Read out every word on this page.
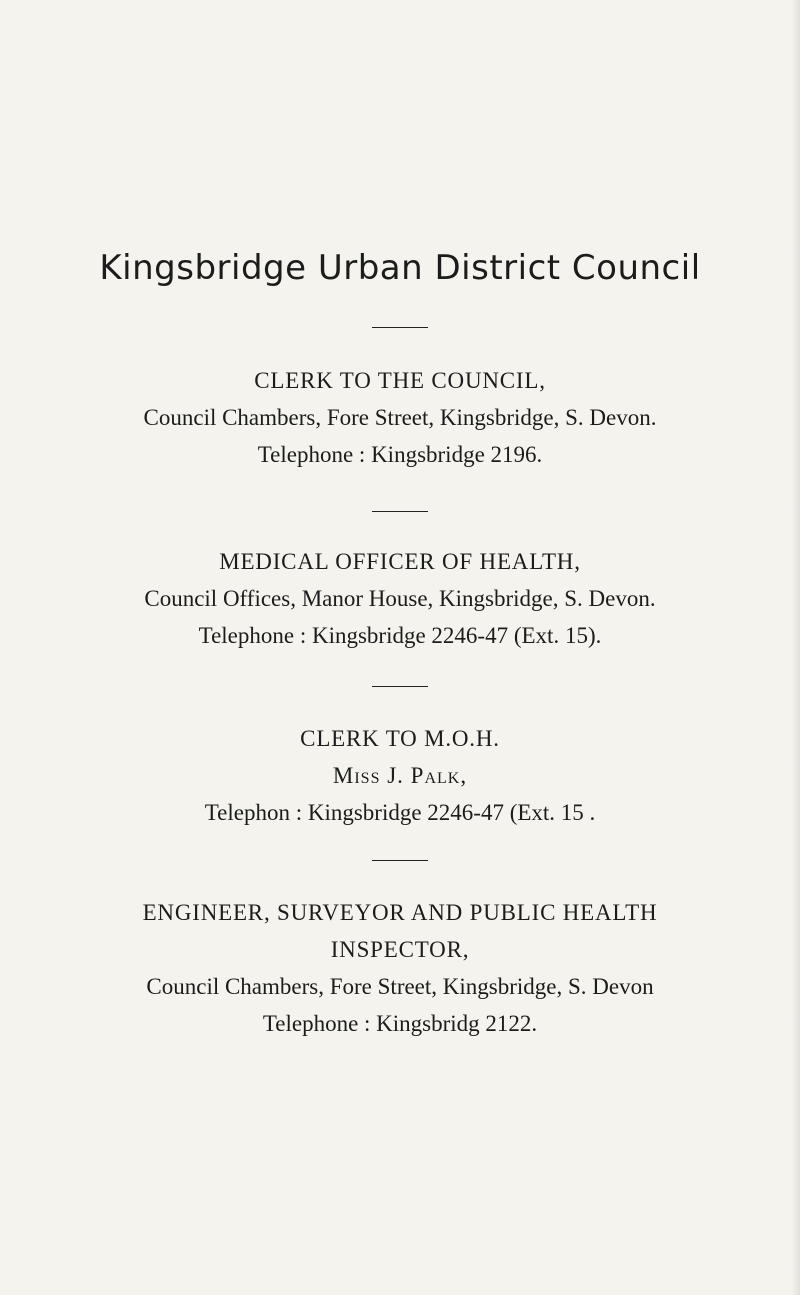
Kingsbridge Urban District Council
CLERK TO THE COUNCIL,
Council Chambers, Fore Street, Kingsbridge, S. Devon.
Telephone : Kingsbridge 2196.
MEDICAL OFFICER OF HEALTH,
Council Offices, Manor House, Kingsbridge, S. Devon.
Telephone : Kingsbridge 2246-47 (Ext. 15).
CLERK TO M.O.H.
Miss J. Palk,
Telephon : Kingsbridge 2246-47 (Ext. 15 .
ENGINEER, SURVEYOR AND PUBLIC HEALTH
INSPECTOR,
Council Chambers, Fore Street, Kingsbridge, S. Devon
Telephone : Kingsbridg 2122.
